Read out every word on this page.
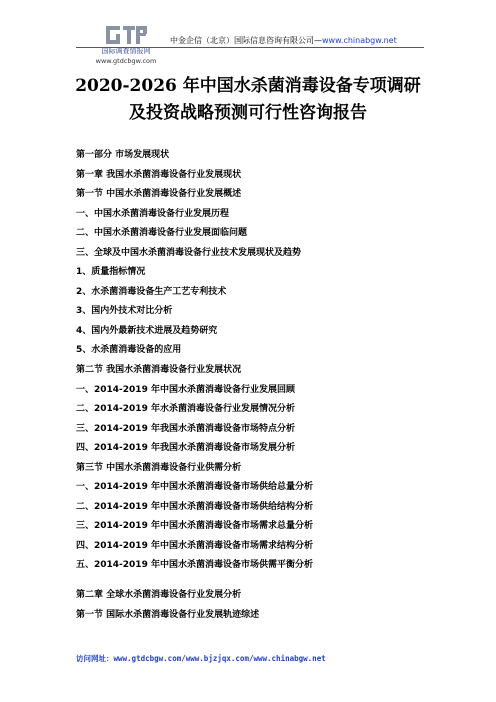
国际调查情报网
www.gtdcbgw.com
中金企信（北京）国际信息咨询有限公司—www.chinabgw.net
2020-2026 年中国水杀菌消毒设备专项调研
及投资战略预测可行性咨询报告
第一部分 市场发展现状
第一章 我国水杀菌消毒设备行业发展现状
第一节 中国水杀菌消毒设备行业发展概述
一、中国水杀菌消毒设备行业发展历程
二、中国水杀菌消毒设备行业发展面临问题
三、全球及中国水杀菌消毒设备行业技术发展现状及趋势
1、质量指标情况
2、水杀菌消毒设备生产工艺专利技术
3、国内外技术对比分析
4、国内外最新技术进展及趋势研究
5、水杀菌消毒设备的应用
第二节 我国水杀菌消毒设备行业发展状况
一、2014-2019 年中国水杀菌消毒设备行业发展回顾
二、2014-2019 年水杀菌消毒设备行业发展情况分析
三、2014-2019 年我国水杀菌消毒设备市场特点分析
四、2014-2019 年我国水杀菌消毒设备市场发展分析
第三节 中国水杀菌消毒设备行业供需分析
一、2014-2019 年中国水杀菌消毒设备市场供给总量分析
二、2014-2019 年中国水杀菌消毒设备市场供给结构分析
三、2014-2019 年中国水杀菌消毒设备市场需求总量分析
四、2014-2019 年中国水杀菌消毒设备市场需求结构分析
五、2014-2019 年中国水杀菌消毒设备市场供需平衡分析
第二章 全球水杀菌消毒设备行业发展分析
第一节 国际水杀菌消毒设备行业发展轨迹综述
访问网址：www.gtdcbgw.com/www.bjzjqx.com/www.chinabgw.net
